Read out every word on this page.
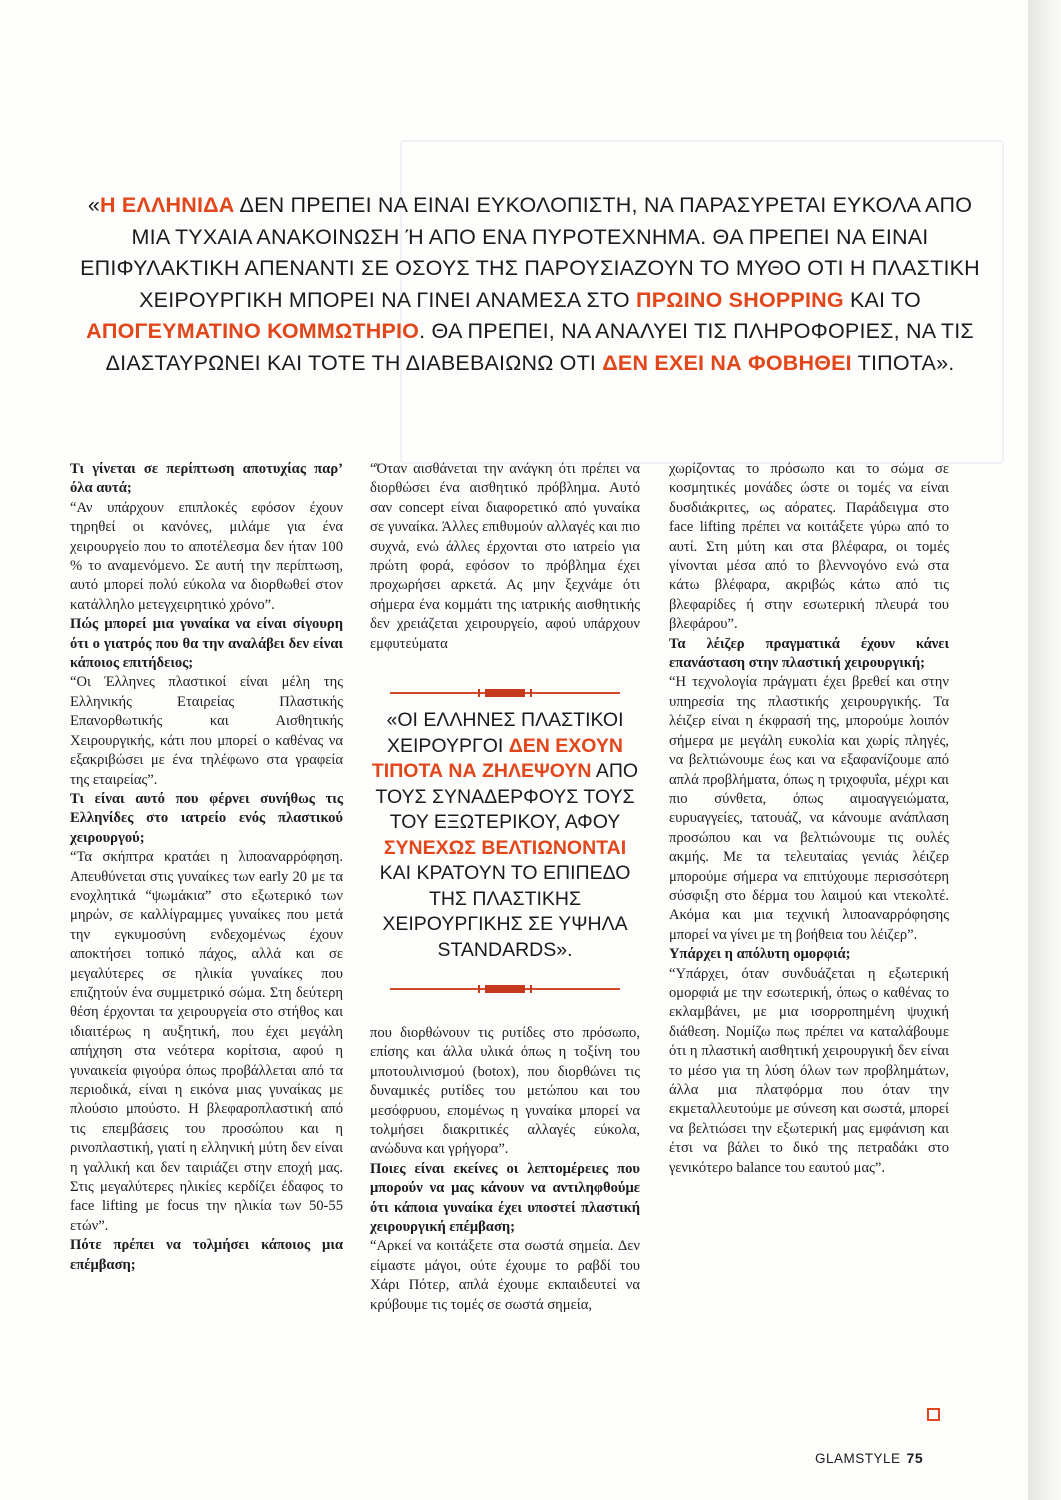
«Η ΕΛΛΗΝΙΔΑ ΔΕΝ ΠΡΕΠΕΙ ΝΑ ΕΙΝΑΙ ΕΥΚΟΛΟΠΙΣΤΗ, ΝΑ ΠΑΡΑΣΥΡΕΤΑΙ ΕΥΚΟΛΑ ΑΠΟ ΜΙΑ ΤΥΧΑΙΑ ΑΝΑΚΟΙΝΩΣΗ Ή ΑΠΟ ΕΝΑ ΠΥΡΟΤΕΧΝΗΜΑ. ΘΑ ΠΡΕΠΕΙ ΝΑ ΕΙΝΑΙ ΕΠΙΦΥΛΑΚΤΙΚΗ ΑΠΕΝΑΝΤΙ ΣΕ ΟΣΟΥΣ ΤΗΣ ΠΑΡΟΥΣΙΑΖΟΥΝ ΤΟ ΜΥΘΟ ΟΤΙ Η ΠΛΑΣΤΙΚΗ ΧΕΙΡΟΥΡΓΙΚΗ ΜΠΟΡΕΙ ΝΑ ΓΙΝΕΙ ΑΝΑΜΕΣΑ ΣΤΟ ΠΡΩΙΝΟ SHOPPING ΚΑΙ ΤΟ ΑΠΟΓΕΥΜΑΤΙΝΟ ΚΟΜΜΩΤΗΡΙΟ. ΘΑ ΠΡΕΠΕΙ, ΝΑ ΑΝΑΛΥΕΙ ΤΙΣ ΠΛΗΡΟΦΟΡΙΕΣ, ΝΑ ΤΙΣ ΔΙΑΣΤΑΥΡΩΝΕΙ ΚΑΙ ΤΟΤΕ ΤΗ ΔΙΑΒΕΒΑΙΩΝΩ ΟΤΙ ΔΕΝ ΕΧΕΙ ΝΑ ΦΟΒΗΘΕΙ ΤΙΠΟΤΑ».

Τι γίνεται σε περίπτωση αποτυχίας παρ’ όλα αυτά;

“Αν υπάρχουν επιπλοκές εφόσον έχουν τηρηθεί οι κανόνες, μιλάμε για ένα χειρουργείο που το αποτέλεσμα δεν ήταν 100 % το αναμενόμενο. Σε αυτή την περίπτωση, αυτό μπορεί πολύ εύκολα να διορθωθεί στον κατάλληλο μετεγχειρητικό χρόνο”.

Πώς μπορεί μια γυναίκα να είναι σίγουρη ότι ο γιατρός που θα την αναλάβει δεν είναι κάποιος επιτήδειος;

“Οι Έλληνες πλαστικοί είναι μέλη της Ελληνικής Εταιρείας Πλαστικής Επανορθωτικής και Αισθητικής Χειρουργικής, κάτι που μπορεί ο καθένας να εξακριβώσει με ένα τηλέφωνο στα γραφεία της εταιρείας”.

Τι είναι αυτό που φέρνει συνήθως τις Ελληνίδες στο ιατρείο ενός πλαστικού χειρουργού;

“Τα σκήπτρα κρατάει η λιποαναρρόφηση. Απευθύνεται στις γυναίκες των early 20 με τα ενοχλητικά “ψωμάκια” στο εξωτερικό των μηρών, σε καλλίγραμμες γυναίκες που μετά την εγκυμοσύνη ενδεχομένως έχουν αποκτήσει τοπικό πάχος, αλλά και σε μεγαλύτερες σε ηλικία γυναίκες που επιζητούν ένα συμμετρικό σώμα. Στη δεύτερη θέση έρχονται τα χειρουργεία στο στήθος και ιδιαιτέρως η αυξητική, που έχει μεγάλη απήχηση στα νεότερα κορίτσια, αφού η γυναικεία φιγούρα όπως προβάλλεται από τα περιοδικά, είναι η εικόνα μιας γυναίκας με πλούσιο μπούστο. Η βλεφαροπλαστική από τις επεμβάσεις του προσώπου και η ρινοπλαστική, γιατί η ελληνική μύτη δεν είναι η γαλλική και δεν ταιριάζει στην εποχή μας. Στις μεγαλύτερες ηλικίες κερδίζει έδαφος το face lifting με focus την ηλικία των 50-55 ετών”.

Πότε πρέπει να τολμήσει κάποιος μια επέμβαση;

“Όταν αισθάνεται την ανάγκη ότι πρέπει να διορθώσει ένα αισθητικό πρόβλημα. Αυτό σαν concept είναι διαφορετικό από γυναίκα σε γυναίκα. Άλλες επιθυμούν αλλαγές και πιο συχνά, ενώ άλλες έρχονται στο ιατρείο για πρώτη φορά, εφόσον το πρόβλημα έχει προχωρήσει αρκετά. Ας μην ξεχνάμε ότι σήμερα ένα κομμάτι της ιατρικής αισθητικής δεν χρειάζεται χειρουργείο, αφού υπάρχουν εμφυτεύματα

«ΟΙ ΕΛΛΗΝΕΣ ΠΛΑΣΤΙΚΟΙ ΧΕΙΡΟΥΡΓΟΙ ΔΕΝ ΕΧΟΥΝ ΤΙΠΟΤΑ ΝΑ ΖΗΛΕΨΟΥΝ ΑΠΟ ΤΟΥΣ ΣΥΝΑΔΕΡΦΟΥΣ ΤΟΥΣ ΤΟΥ ΕΞΩΤΕΡΙΚΟΥ, ΑΦΟΥ ΣΥΝΕΧΩΣ ΒΕΛΤΙΩΝΟΝΤΑΙ ΚΑΙ ΚΡΑΤΟΥΝ ΤΟ ΕΠΙΠΕΔΟ ΤΗΣ ΠΛΑΣΤΙΚΗΣ ΧΕΙΡΟΥΡΓΙΚΗΣ ΣΕ ΥΨΗΛΑ STANDARDS».

που διορθώνουν τις ρυτίδες στο πρόσωπο, επίσης και άλλα υλικά όπως η τοξίνη του μποτουλινισμού (botox), που διορθώνει τις δυναμικές ρυτίδες του μετώπου και του μεσόφρυου, επομένως η γυναίκα μπορεί να τολμήσει διακριτικές αλλαγές εύκολα, ανώδυνα και γρήγορα”.

Ποιες είναι εκείνες οι λεπτομέρειες που μπορούν να μας κάνουν να αντιληφθούμε ότι κάποια γυναίκα έχει υποστεί πλαστική χειρουργική επέμβαση;

“Αρκεί να κοιτάξετε στα σωστά σημεία. Δεν είμαστε μάγοι, ούτε έχουμε το ραβδί του Χάρι Πότερ, απλά έχουμε εκπαιδευτεί να κρύβουμε τις τομές σε σωστά σημεία,

χωρίζοντας το πρόσωπο και το σώμα σε κοσμητικές μονάδες ώστε οι τομές να είναι δυσδιάκριτες, ως αόρατες. Παράδειγμα στο face lifting πρέπει να κοιτάξετε γύρω από το αυτί. Στη μύτη και στα βλέφαρα, οι τομές γίνονται μέσα από το βλεννογόνο ενώ στα κάτω βλέφαρα, ακριβώς κάτω από τις βλεφαρίδες ή στην εσωτερική πλευρά του βλεφάρου”.

Τα λέιζερ πραγματικά έχουν κάνει επανάσταση στην πλαστική χειρουργική;

“Η τεχνολογία πράγματι έχει βρεθεί και στην υπηρεσία της πλαστικής χειρουργικής. Τα λέιζερ είναι η έκφρασή της, μπορούμε λοιπόν σήμερα με μεγάλη ευκολία και χωρίς πληγές, να βελτιώνουμε έως και να εξαφανίζουμε από απλά προβλήματα, όπως η τριχοφυΐα, μέχρι και πιο σύνθετα, όπως αιμοαγγειώματα, ευρυαγγείες, τατουάζ, να κάνουμε ανάπλαση προσώπου και να βελτιώνουμε τις ουλές ακμής. Με τα τελευταίας γενιάς λέιζερ μπορούμε σήμερα να επιτύχουμε περισσότερη σύσφιξη στο δέρμα του λαιμού και ντεκολτέ. Ακόμα και μια τεχνική λιποαναρρόφησης μπορεί να γίνει με τη βοήθεια του λέιζερ”.

Υπάρχει η απόλυτη ομορφιά;

“Υπάρχει, όταν συνδυάζεται η εξωτερική ομορφιά με την εσωτερική, όπως ο καθένας το εκλαμβάνει, με μια ισορροπημένη ψυχική διάθεση. Νομίζω πως πρέπει να καταλάβουμε ότι η πλαστική αισθητική χειρουργική δεν είναι το μέσο για τη λύση όλων των προβλημάτων, άλλα μια πλατφόρμα που όταν την εκμεταλλευτούμε με σύνεση και σωστά, μπορεί να βελτιώσει την εξωτερική μας εμφάνιση και έτσι να βάλει το δικό της πετραδάκι στο γενικότερο balance του εαυτού μας”.

GLAMSTYLE 75
